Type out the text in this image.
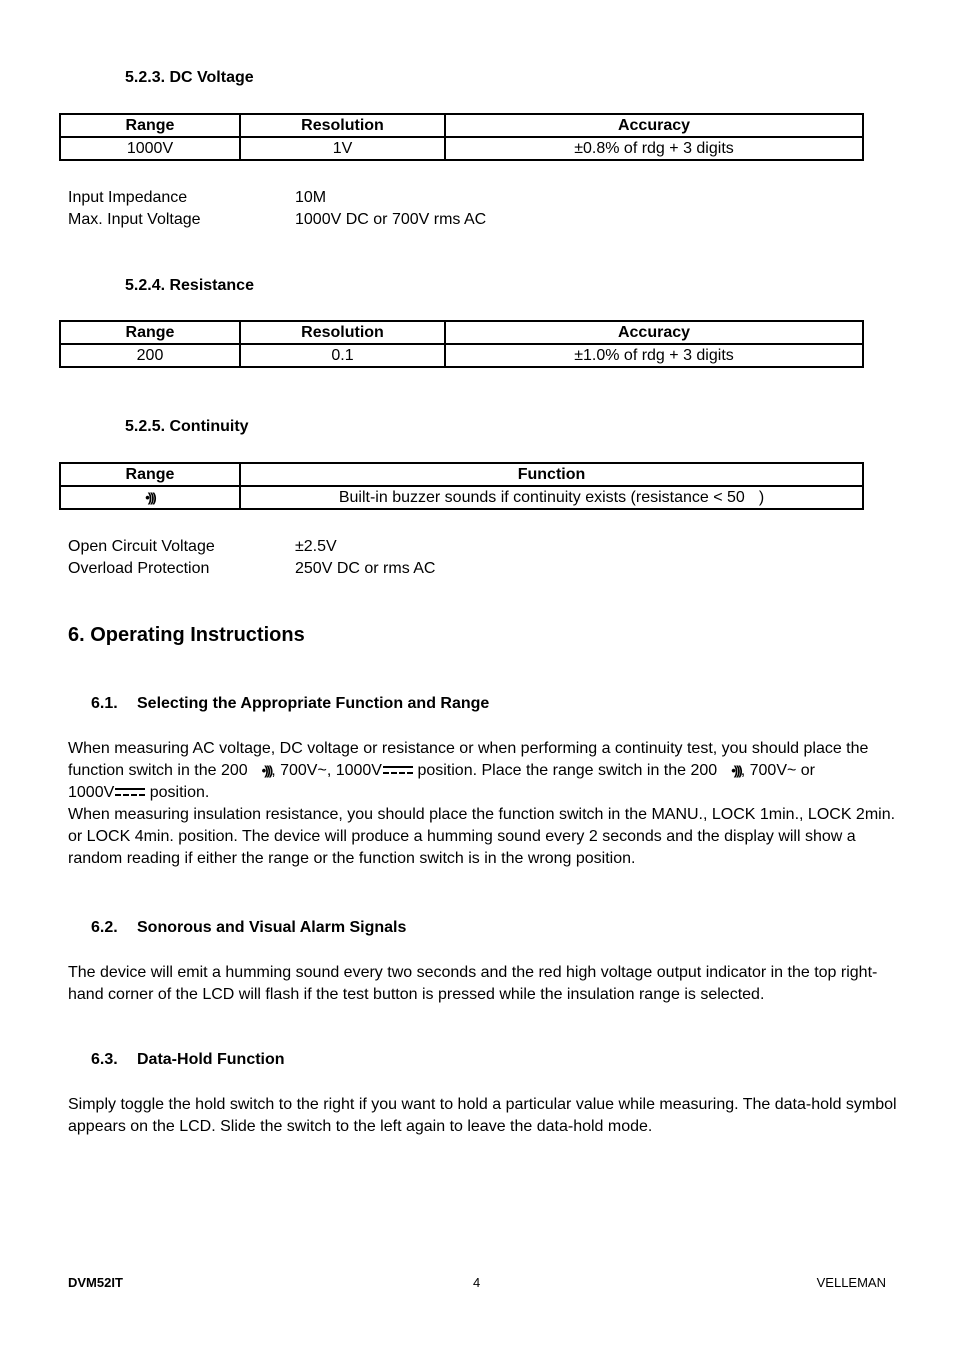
5.2.3. DC Voltage
Range	Resolution	Accuracy
1000V	1V	±0.8% of rdg + 3 digits
Input Impedance	10M
Max. Input Voltage	1000V DC or 700V rms AC
5.2.4. Resistance
Range	Resolution	Accuracy
200	0.1	±1.0% of rdg + 3 digits
5.2.5. Continuity
Range	Function
•)))	Built-in buzzer sounds if continuity exists (resistance < 50 )
Open Circuit Voltage	±2.5V
Overload Protection	250V DC or rms AC
6. Operating Instructions
6.1. Selecting the Appropriate Function and Range
When measuring AC voltage, DC voltage or resistance or when performing a continuity test, you should place the
function switch in the 200 •))), 700V~, 1000V position. Place the range switch in the 200 •))), 700V~ or
1000V position.
When measuring insulation resistance, you should place the function switch in the MANU., LOCK 1min., LOCK 2min. or LOCK 4min. position. The device will produce a humming sound every 2 seconds and the display will show a random reading if either the range or the function switch is in the wrong position.
6.2. Sonorous and Visual Alarm Signals
The device will emit a humming sound every two seconds and the red high voltage output indicator in the top right-hand corner of the LCD will flash if the test button is pressed while the insulation range is selected.
6.3. Data-Hold Function
Simply toggle the hold switch to the right if you want to hold a particular value while measuring. The data-hold symbol appears on the LCD. Slide the switch to the left again to leave the data-hold mode.
DVM52IT	4	VELLEMAN
